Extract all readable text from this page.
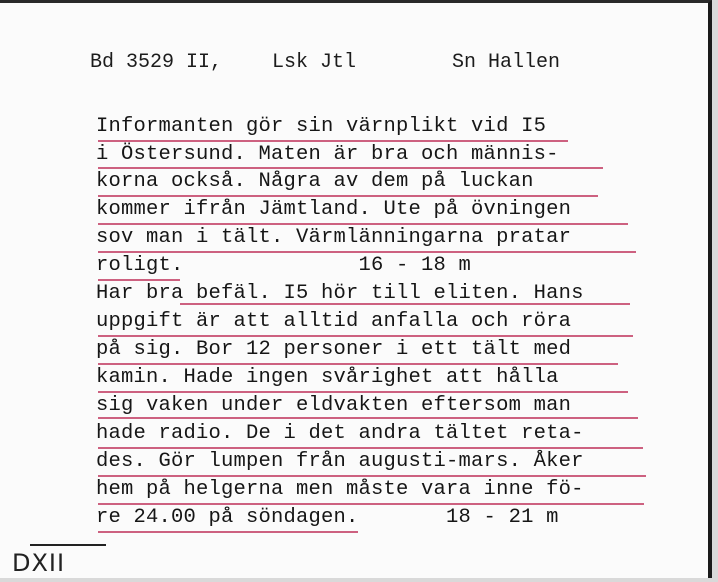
Bd 3529 II, Lsk Jtl	Sn Hallen
Informanten gör sin värnplikt vid I5
i Östersund. Maten är bra och männis-
korna också. Några av dem på luckan
kommer ifrån Jämtland. Ute på övningen
sov man i tält. Värmlänningarna pratar
roligt.              16 - 18 m
Har bra befäl. I5 hör till eliten. Hans
uppgift är att alltid anfalla och röra
på sig. Bor 12 personer i ett tält med
kamin. Hade ingen svårighet att hålla
sig vaken under eldvakten eftersom man
hade radio. De i det andra tältet reta-
des. Gör lumpen från augusti-mars. Åker
hem på helgerna men måste vara inne fö-
re 24.00 på söndagen.       18 - 21 m
DXII
